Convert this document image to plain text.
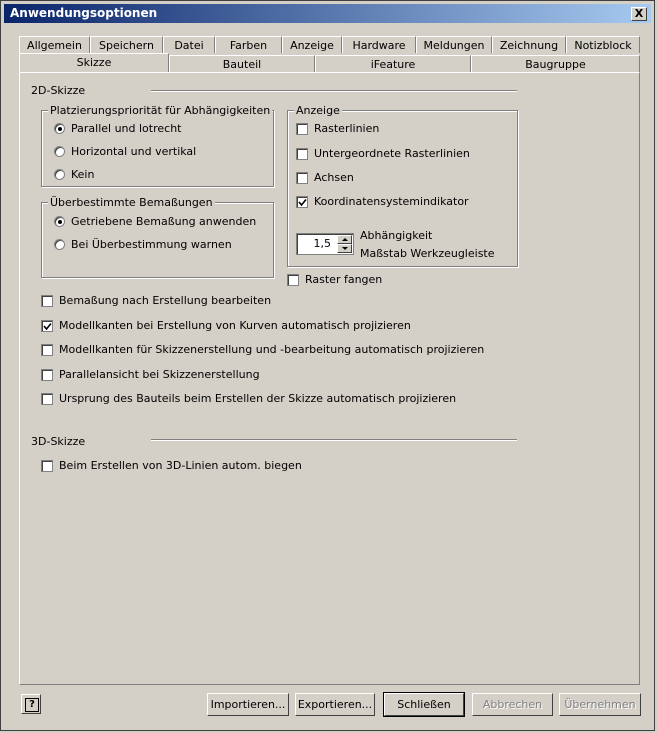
Anwendungsoptionen	X
Allgemein	Speichern	Datei	Farben	Anzeige	Hardware	Meldungen	Zeichnung	Notizblock
Skizze	Bauteil	iFeature	Baugruppe
2D-Skizze
Platzierungspriorität für Abhängigkeiten
Parallel und lotrecht
Horizontal und vertikal
Kein
Überbestimmte Bemaßungen
Getriebene Bemaßung anwenden
Bei Überbestimmung warnen
Anzeige
Rasterlinien
Untergeordnete Rasterlinien
Achsen
Koordinatensystemindikator
1,5
Abhängigkeit
Maßstab Werkzeugleiste
Raster fangen
Bemaßung nach Erstellung bearbeiten
Modellkanten bei Erstellung von Kurven automatisch projizieren
Modellkanten für Skizzenerstellung und -bearbeitung automatisch projizieren
Parallelansicht bei Skizzenerstellung
Ursprung des Bauteils beim Erstellen der Skizze automatisch projizieren
3D-Skizze
Beim Erstellen von 3D-Linien autom. biegen
?	Importieren...	Exportieren...	Schließen	Abbrechen	Übernehmen
